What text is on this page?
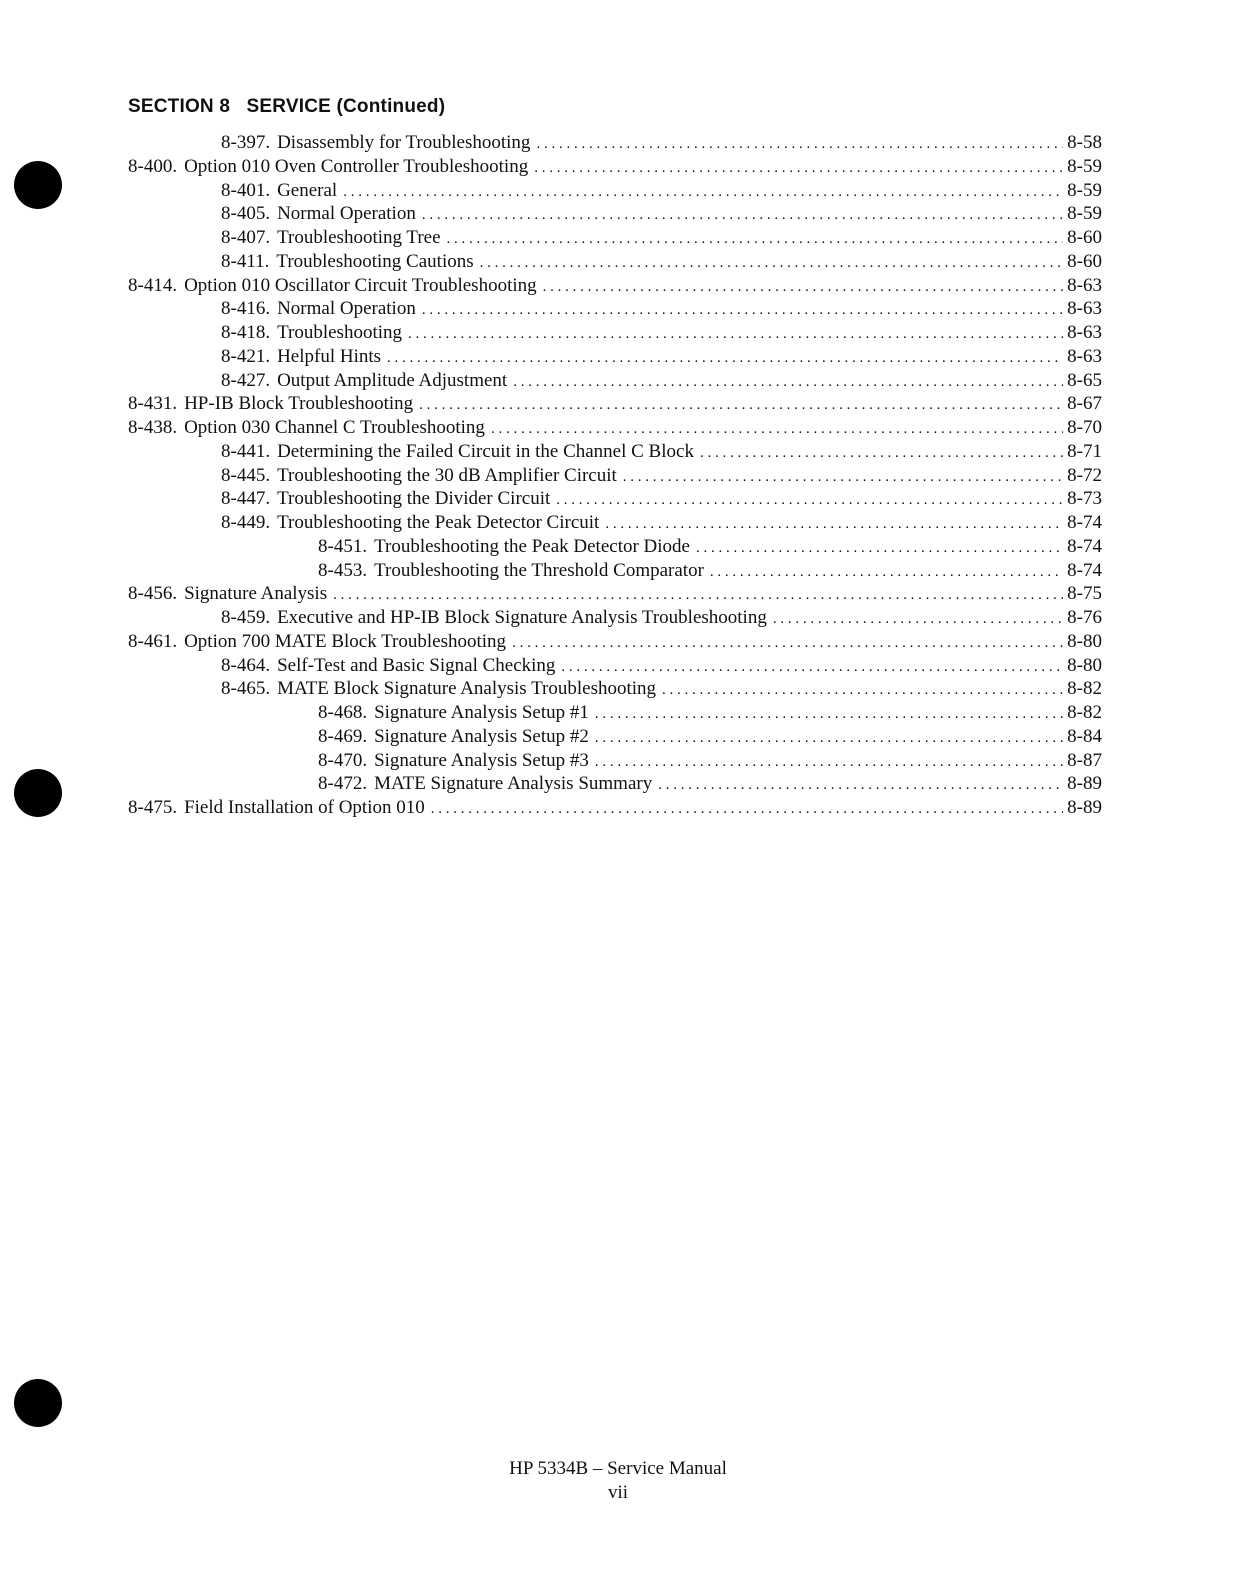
SECTION 8   SERVICE (Continued)
8-397. Disassembly for Troubleshooting . . .	8-58
8-400. Option 010 Oven Controller Troubleshooting . . .	8-59
8-401. General . . .	8-59
8-405. Normal Operation . . .	8-59
8-407. Troubleshooting Tree . . .	8-60
8-411. Troubleshooting Cautions . . .	8-60
8-414. Option 010 Oscillator Circuit Troubleshooting . . .	8-63
8-416. Normal Operation . . .	8-63
8-418. Troubleshooting . . .	8-63
8-421. Helpful Hints . . .	8-63
8-427. Output Amplitude Adjustment . . .	8-65
8-431. HP-IB Block Troubleshooting . . .	8-67
8-438. Option 030 Channel C Troubleshooting . . .	8-70
8-441. Determining the Failed Circuit in the Channel C Block . . .	8-71
8-445. Troubleshooting the 30 dB Amplifier Circuit . . .	8-72
8-447. Troubleshooting the Divider Circuit . . .	8-73
8-449. Troubleshooting the Peak Detector Circuit . . .	8-74
8-451. Troubleshooting the Peak Detector Diode . . .	8-74
8-453. Troubleshooting the Threshold Comparator . . .	8-74
8-456. Signature Analysis . . .	8-75
8-459. Executive and HP-IB Block Signature Analysis Troubleshooting . . .	8-76
8-461. Option 700 MATE Block Troubleshooting . . .	8-80
8-464. Self-Test and Basic Signal Checking . . .	8-80
8-465. MATE Block Signature Analysis Troubleshooting . . .	8-82
8-468. Signature Analysis Setup #1 . . .	8-82
8-469. Signature Analysis Setup #2 . . .	8-84
8-470. Signature Analysis Setup #3 . . .	8-87
8-472. MATE Signature Analysis Summary . . .	8-89
8-475. Field Installation of Option 010 . . .	8-89
HP 5334B – Service Manual
vii
